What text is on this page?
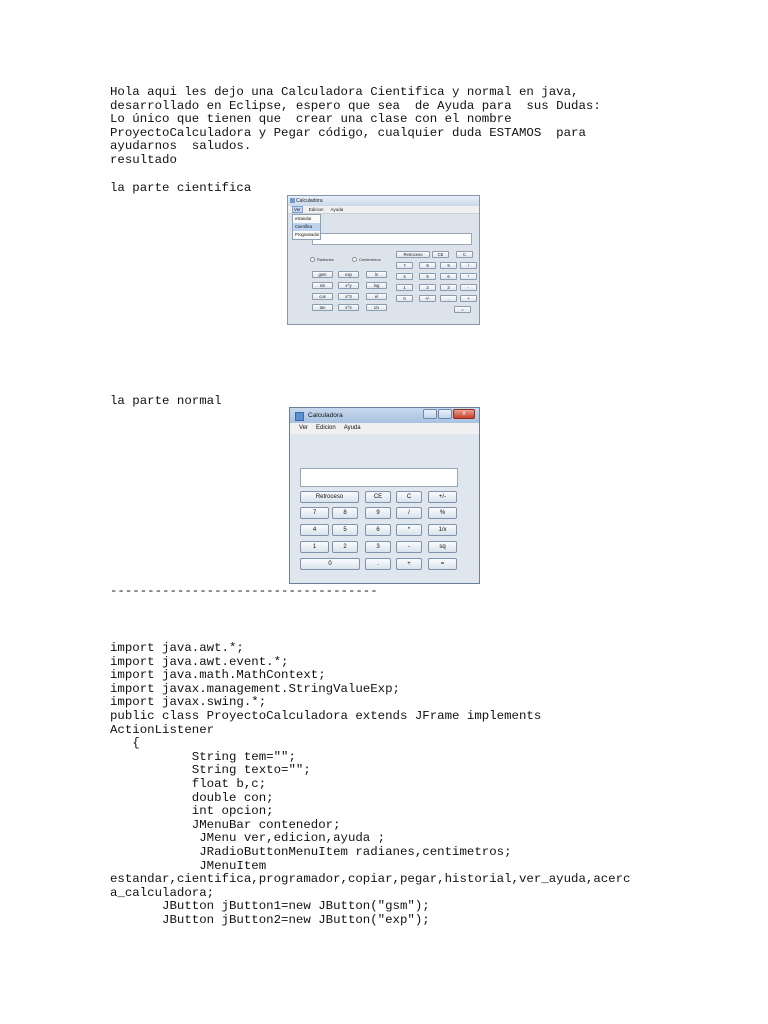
Hola aqui les dejo una Calculadora Cientifica y normal en java,
desarrollado en Eclipse, espero que sea  de Ayuda para  sus Dudas:
Lo único que tienen que  crear una clase con el nombre
ProyectoCalculadora y Pegar código, cualquier duda ESTAMOS  para
ayudarnos  saludos.
resultado
la parte cientifica
Calculadora
Ver	Edicion Ayuda
estandar
Cientifica
Programador
Radianes	Centimetros
Retroceso	CE	C
7	8	9	/
4	5	6	*
1	2	3	-
0	+/-	.	+
=
gsm	exp	ln
sin	x^y	log
cos	x^3	el
tan	x^2	1/x
la parte normal
Calculadora	X
Ver Edicion Ayuda
Retroceso	CE	C	+/-
7	8	9	/	%
4	5	6	*	1/x
1	2	3	-	sq
0	.	+	=
------------------------------------
import java.awt.*;
import java.awt.event.*;
import java.math.MathContext;
import javax.management.StringValueExp;
import javax.swing.*;
public class ProyectoCalculadora extends JFrame implements
ActionListener
{
String tem="";
String texto="";
float b,c;
double con;
int opcion;
JMenuBar contenedor;
JMenu ver,edicion,ayuda ;
JRadioButtonMenuItem radianes,centimetros;
JMenuItem
estandar,cientifica,programador,copiar,pegar,historial,ver_ayuda,acerc
a_calculadora;
JButton jButton1=new JButton("gsm");
JButton jButton2=new JButton("exp");
